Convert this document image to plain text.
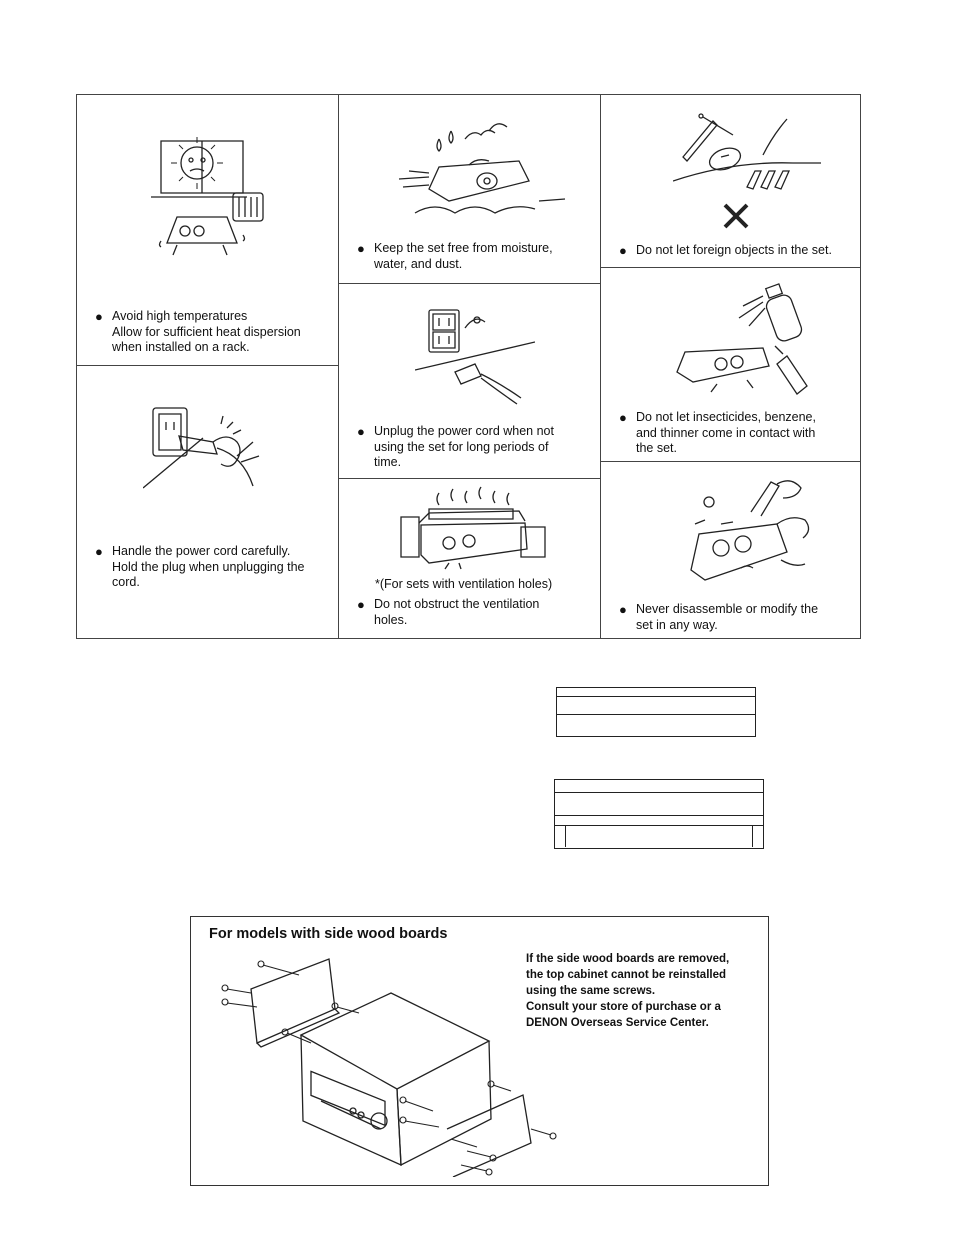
● Avoid high temperatures
Allow for sufficient heat dispersion
when installed on a rack.
● Handle the power cord carefully.
Hold the plug when unplugging the
cord.
● Keep the set free from moisture,
water, and dust.
● Unplug the power cord when not
using the set for long periods of
time.
*(For sets with ventilation holes)
● Do not obstruct the ventilation
holes.
● Do not let foreign objects in the set.
● Do not let insecticides, benzene,
and thinner come in contact with
the set.
● Never disassemble or modify the
set in any way.
For models with side wood boards
If the side wood boards are removed,
the top cabinet cannot be reinstalled
using the same screws.
Consult your store of purchase or a
DENON Overseas Service Center.
